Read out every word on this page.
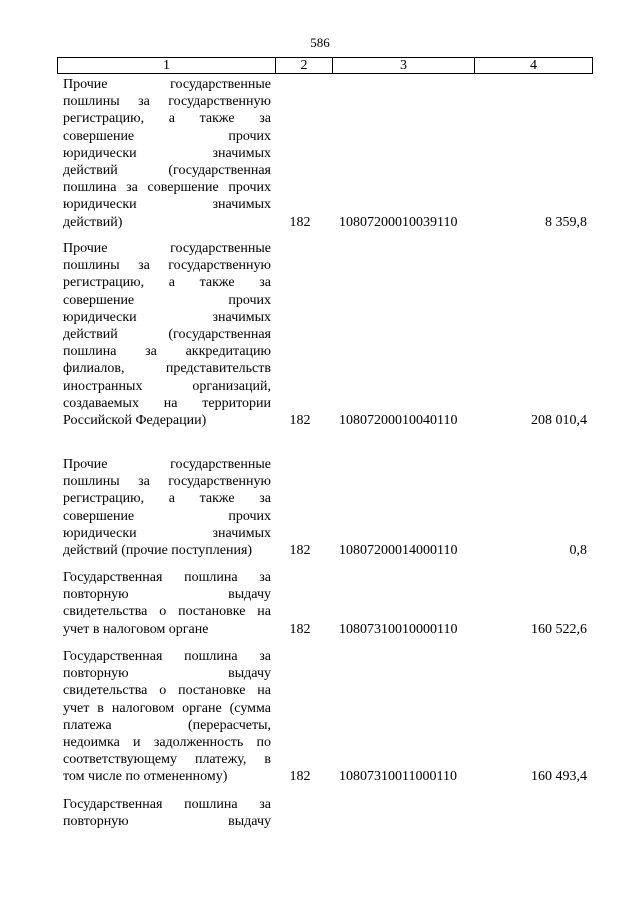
586
1	2	3	4
Прочие государственные
пошлины за государственную
регистрацию, а также за
совершение прочих
юридически значимых
действий (государственная
пошлина за совершение прочих
юридически значимых
действий)	182 10807200010039110	8 359,8
Прочие государственные
пошлины за государственную
регистрацию, а также за
совершение прочих
юридически значимых
действий (государственная
пошлина за аккредитацию
филиалов, представительств
иностранных организаций,
создаваемых на территории
Российской Федерации)	182 10807200010040110	208 010,4
Прочие государственные
пошлины за государственную
регистрацию, а также за
совершение прочих
юридически значимых
действий (прочие поступления)	182 10807200014000110	0,8
Государственная пошлина за
повторную выдачу
свидетельства о постановке на
учет в налоговом органе	182 10807310010000110	160 522,6
Государственная пошлина за
повторную выдачу
свидетельства о постановке на
учет в налоговом органе (сумма
платежа (перерасчеты,
недоимка и задолженность по
соответствующему платежу, в
том числе по отмененному)	182 10807310011000110	160 493,4
Государственная пошлина за
повторную выдачу
